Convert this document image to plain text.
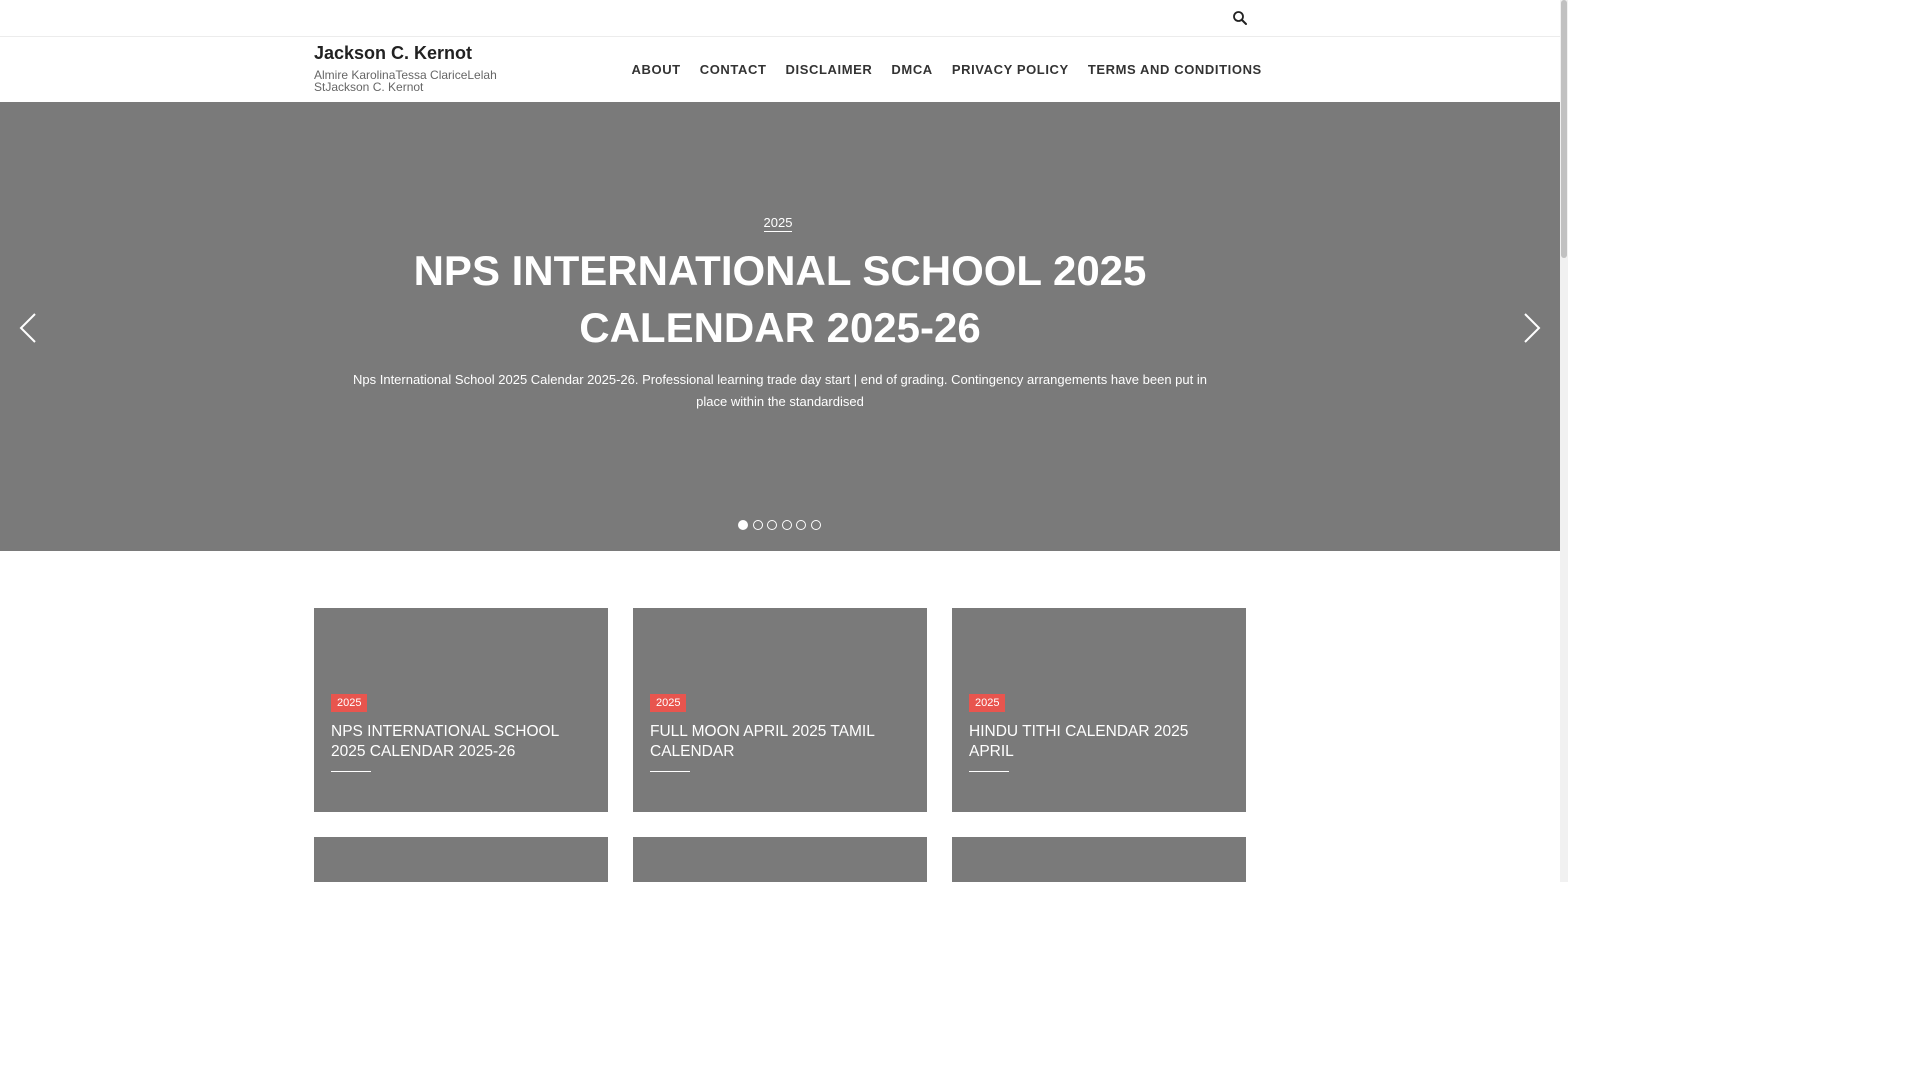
Jackson C. Kernot
Almire KarolinaTessa ClariceLelah StJackson C. Kernot
ABOUT	CONTACT	DISCLAIMER	DMCA	PRIVACY POLICY	TERMS AND CONDITIONS
2025
NPS INTERNATIONAL SCHOOL 2025 CALENDAR 2025-26
Nps International School 2025 Calendar 2025-26. Professional learning trade day start | end of grading. Contingency arrangements have been put in place within the standardised
2025
NPS INTERNATIONAL SCHOOL 2025 CALENDAR 2025-26
2025
FULL MOON APRIL 2025 TAMIL CALENDAR
2025
HINDU TITHI CALENDAR 2025 APRIL
